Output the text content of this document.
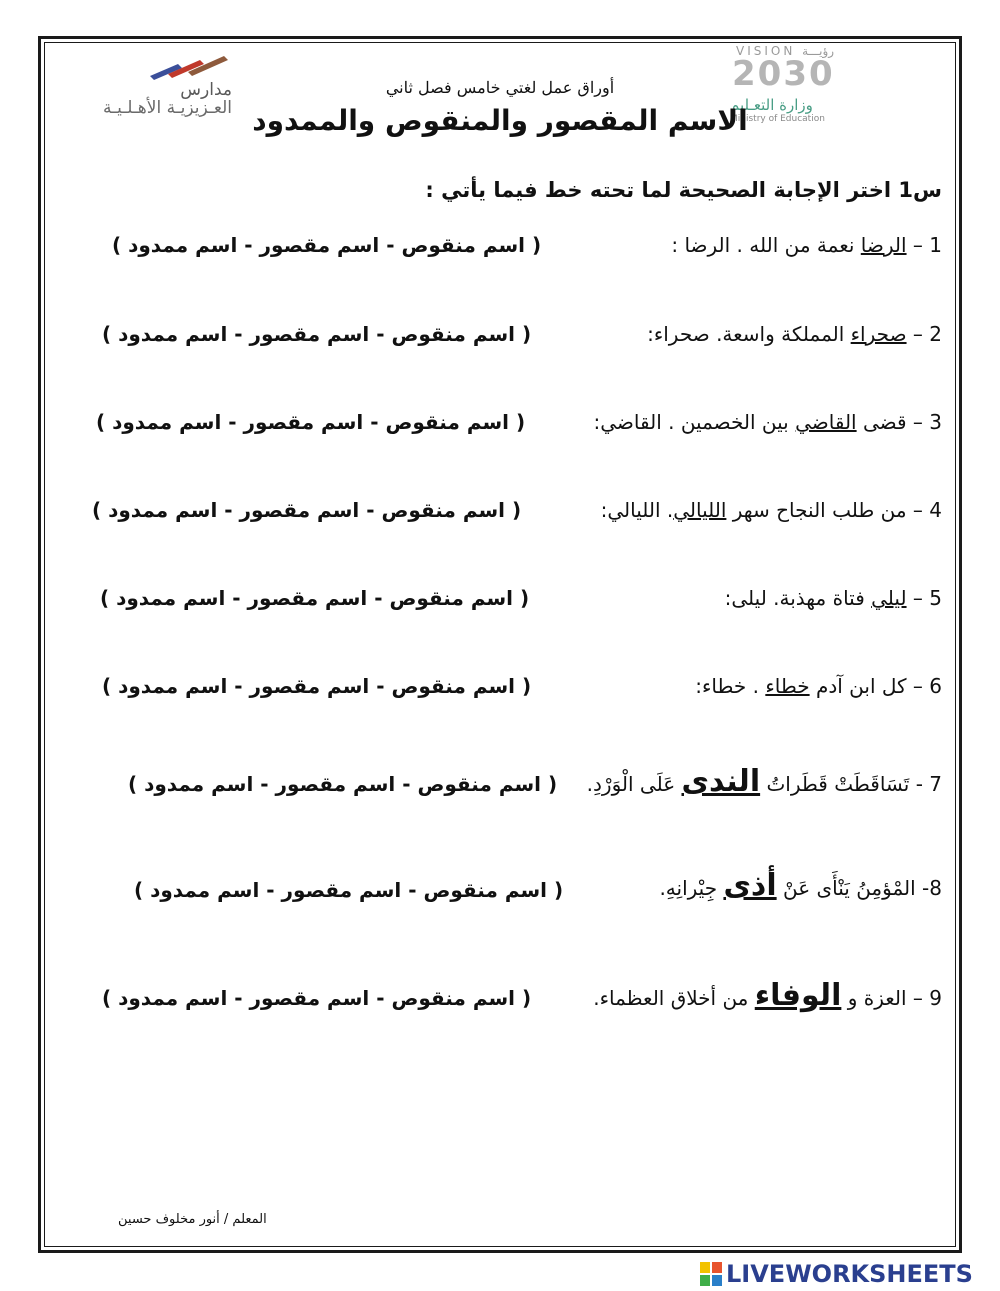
مدارس
العـزيزيـة الأهـلـيـة
VISION رؤيـــة
2030
وزارة التعـليم
Ministry of Education
أوراق عمل لغتي خامس فصل ثاني
الاسم المقصور والمنقوص والممدود
س1 اختر الإجابة الصحيحة لما تحته خط فيما يأتي :
1 – الرضا نعمة من الله . الرضا :
( اسم منقوص - اسم مقصور - اسم ممدود )
2 – صحراء المملكة واسعة. صحراء:
( اسم منقوص - اسم مقصور - اسم ممدود )
3 – قضى القاضي بين الخصمين . القاضي:
( اسم منقوص - اسم مقصور - اسم ممدود )
4 – من طلب النجاح سهر الليالي. الليالي:
( اسم منقوص - اسم مقصور - اسم ممدود )
5 – ليلي فتاة مهذبة. ليلى:
( اسم منقوص - اسم مقصور - اسم ممدود )
6 – كل ابن آدم خطاء . خطاء:
( اسم منقوص - اسم مقصور - اسم ممدود )
7 - تَسَاقَطَتْ قَطَراتُ الندى عَلَى الْوَرْدِ.
( اسم منقوص - اسم مقصور - اسم ممدود )
8- المْؤمِنُ يَنْأَى عَنْ أذى جِيْرانِهِ.
( اسم منقوص - اسم مقصور - اسم ممدود )
9 – العزة و الوفاء من أخلاق العظماء.
( اسم منقوص - اسم مقصور - اسم ممدود )
المعلم / أنور مخلوف حسين
LIVEWORKSHEETS
